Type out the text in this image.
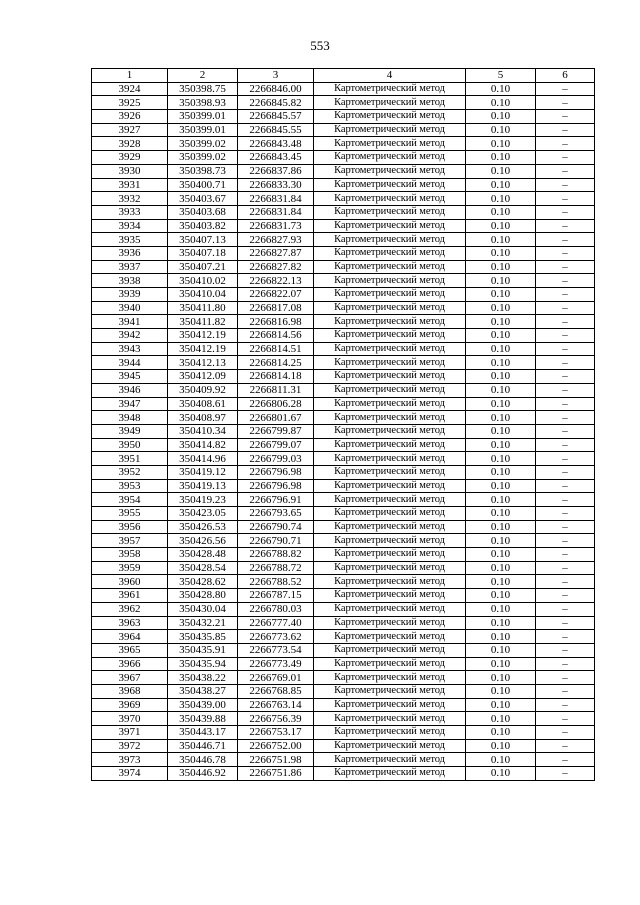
553
1	2	3	4	5	6
3924	350398.75	2266846.00	Картометрический метод	0.10	–
3925	350398.93	2266845.82	Картометрический метод	0.10	–
3926	350399.01	2266845.57	Картометрический метод	0.10	–
3927	350399.01	2266845.55	Картометрический метод	0.10	–
3928	350399.02	2266843.48	Картометрический метод	0.10	–
3929	350399.02	2266843.45	Картометрический метод	0.10	–
3930	350398.73	2266837.86	Картометрический метод	0.10	–
3931	350400.71	2266833.30	Картометрический метод	0.10	–
3932	350403.67	2266831.84	Картометрический метод	0.10	–
3933	350403.68	2266831.84	Картометрический метод	0.10	–
3934	350403.82	2266831.73	Картометрический метод	0.10	–
3935	350407.13	2266827.93	Картометрический метод	0.10	–
3936	350407.18	2266827.87	Картометрический метод	0.10	–
3937	350407.21	2266827.82	Картометрический метод	0.10	–
3938	350410.02	2266822.13	Картометрический метод	0.10	–
3939	350410.04	2266822.07	Картометрический метод	0.10	–
3940	350411.80	2266817.08	Картометрический метод	0.10	–
3941	350411.82	2266816.98	Картометрический метод	0.10	–
3942	350412.19	2266814.56	Картометрический метод	0.10	–
3943	350412.19	2266814.51	Картометрический метод	0.10	–
3944	350412.13	2266814.25	Картометрический метод	0.10	–
3945	350412.09	2266814.18	Картометрический метод	0.10	–
3946	350409.92	2266811.31	Картометрический метод	0.10	–
3947	350408.61	2266806.28	Картометрический метод	0.10	–
3948	350408.97	2266801.67	Картометрический метод	0.10	–
3949	350410.34	2266799.87	Картометрический метод	0.10	–
3950	350414.82	2266799.07	Картометрический метод	0.10	–
3951	350414.96	2266799.03	Картометрический метод	0.10	–
3952	350419.12	2266796.98	Картометрический метод	0.10	–
3953	350419.13	2266796.98	Картометрический метод	0.10	–
3954	350419.23	2266796.91	Картометрический метод	0.10	–
3955	350423.05	2266793.65	Картометрический метод	0.10	–
3956	350426.53	2266790.74	Картометрический метод	0.10	–
3957	350426.56	2266790.71	Картометрический метод	0.10	–
3958	350428.48	2266788.82	Картометрический метод	0.10	–
3959	350428.54	2266788.72	Картометрический метод	0.10	–
3960	350428.62	2266788.52	Картометрический метод	0.10	–
3961	350428.80	2266787.15	Картометрический метод	0.10	–
3962	350430.04	2266780.03	Картометрический метод	0.10	–
3963	350432.21	2266777.40	Картометрический метод	0.10	–
3964	350435.85	2266773.62	Картометрический метод	0.10	–
3965	350435.91	2266773.54	Картометрический метод	0.10	–
3966	350435.94	2266773.49	Картометрический метод	0.10	–
3967	350438.22	2266769.01	Картометрический метод	0.10	–
3968	350438.27	2266768.85	Картометрический метод	0.10	–
3969	350439.00	2266763.14	Картометрический метод	0.10	–
3970	350439.88	2266756.39	Картометрический метод	0.10	–
3971	350443.17	2266753.17	Картометрический метод	0.10	–
3972	350446.71	2266752.00	Картометрический метод	0.10	–
3973	350446.78	2266751.98	Картометрический метод	0.10	–
3974	350446.92	2266751.86	Картометрический метод	0.10	–
